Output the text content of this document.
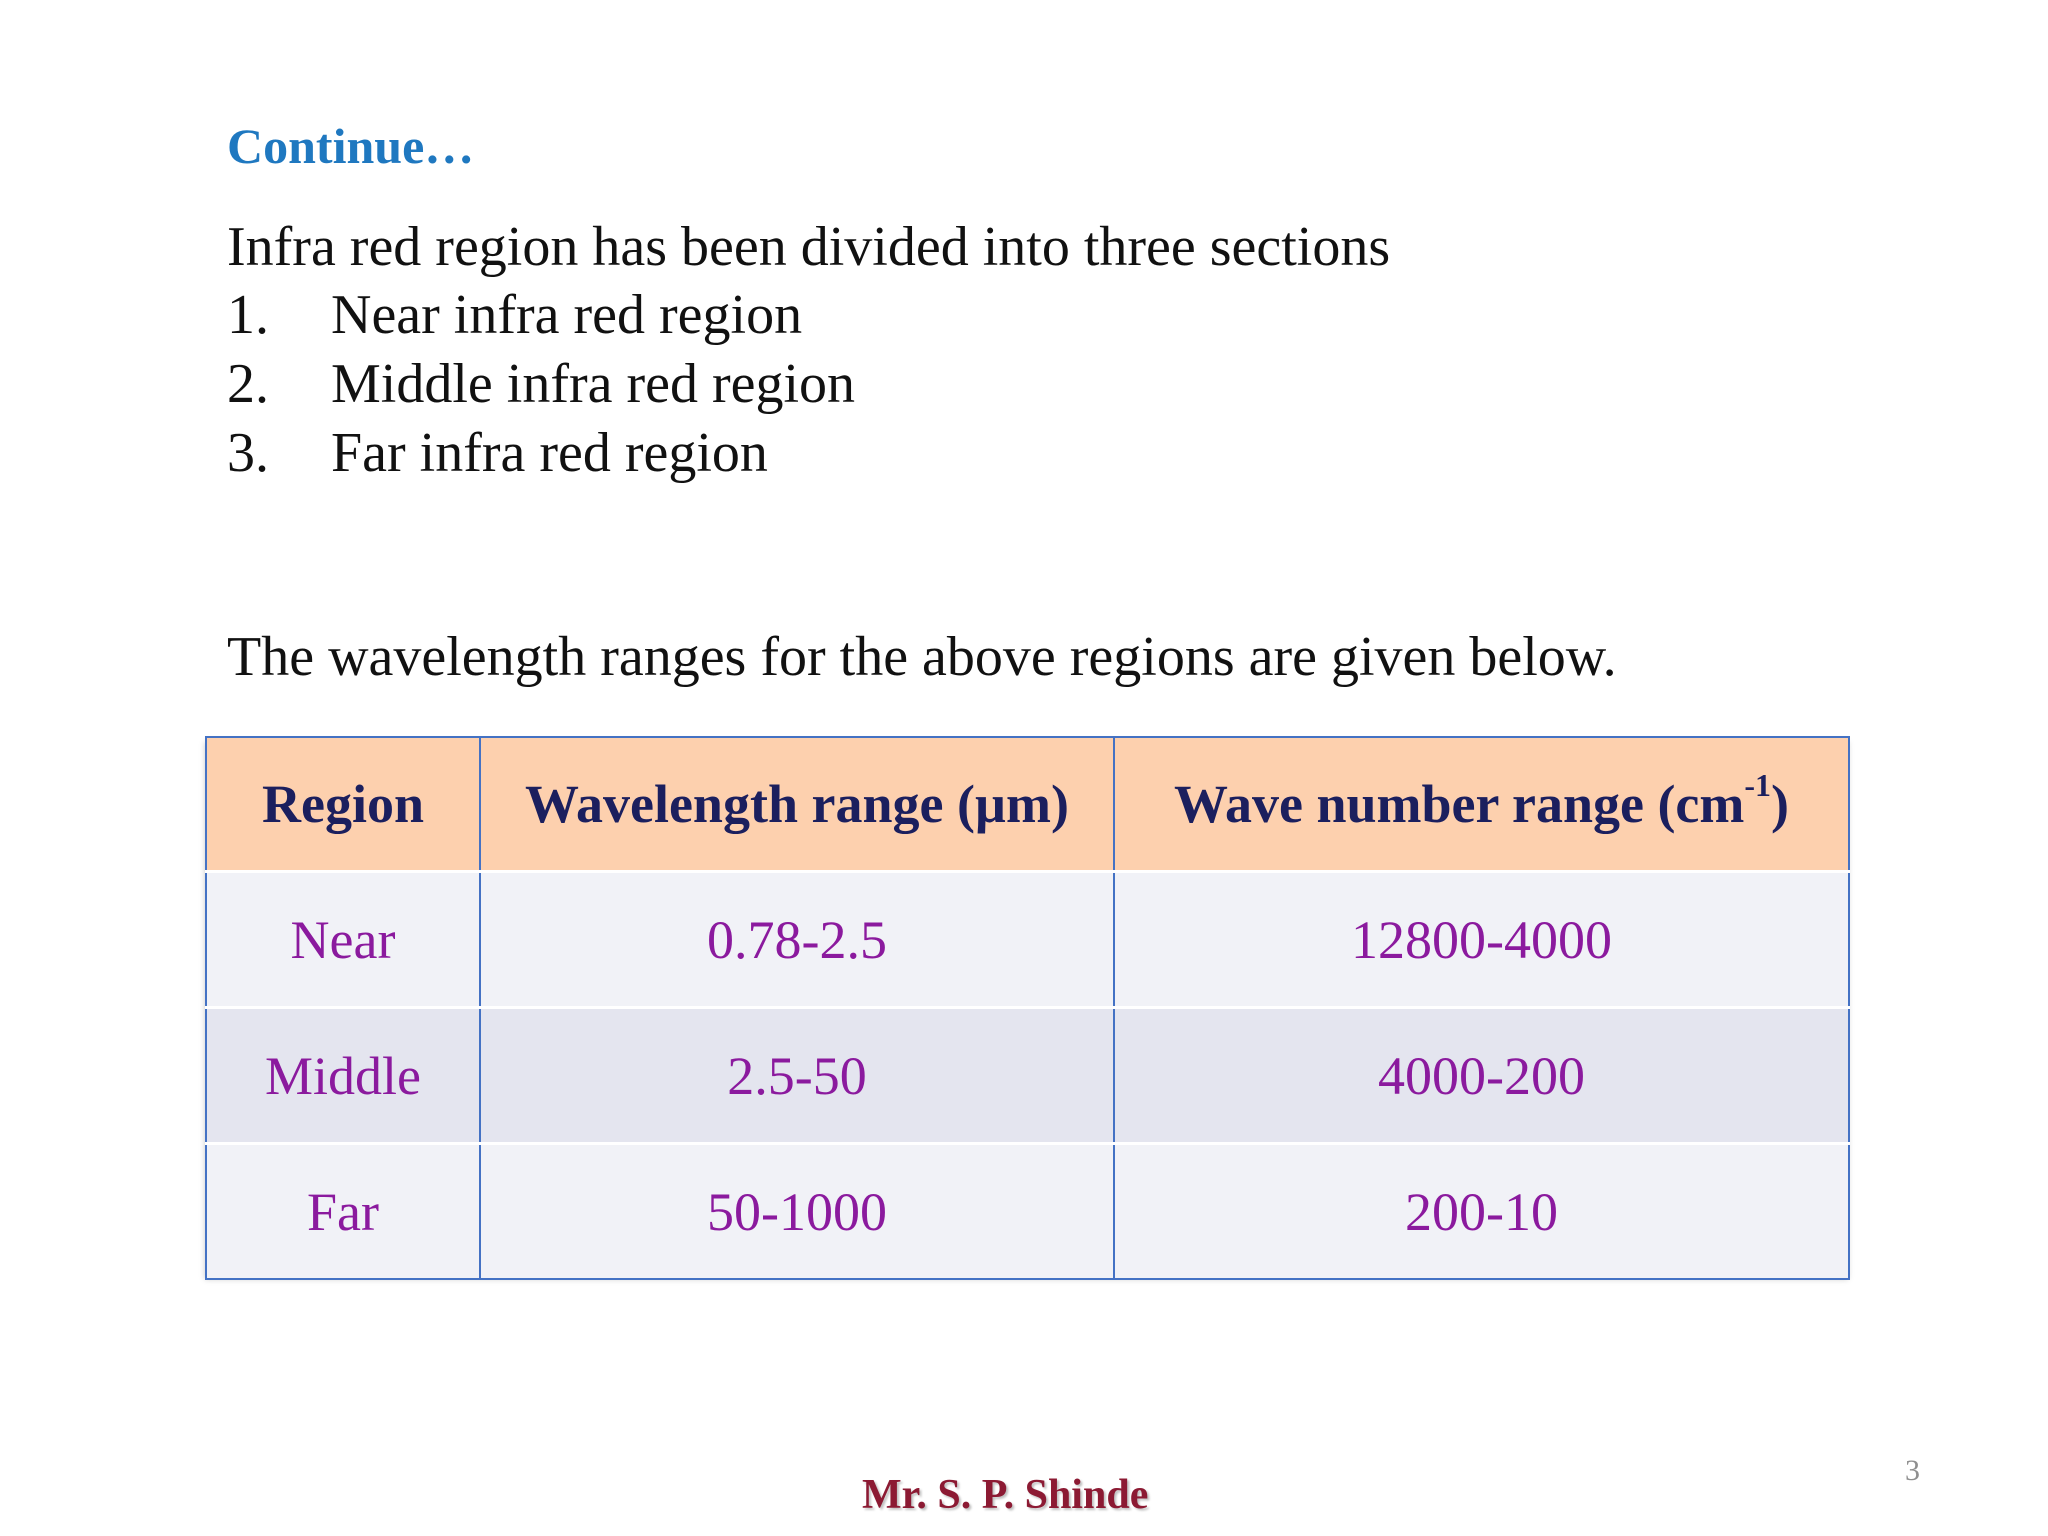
Continue…
Infra red region has been divided into three sections
1. Near infra red region
2. Middle infra red region
3. Far infra red region
The wavelength ranges for the above regions are given below.
Region	Wavelength range (µm)	Wave number range $(cm^{-1})$
Near	0.78-2.5	12800-4000
Middle	2.5-50	4000-200
Far	50-1000	200-10
3
Mr. S. P. Shinde
